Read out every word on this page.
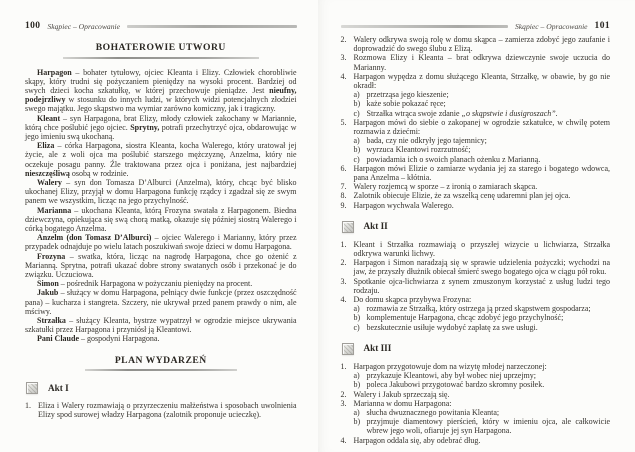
100 Skąpiec – Opracowanie
BOHATEROWIE UTWORU

Harpagon – bohater tytułowy, ojciec Kleanta i Elizy. Człowiek chorobliwie skąpy, który trudni się pożyczaniem pieniędzy na wysoki procent. Bardziej od swych dzieci kocha szkatułkę, w której przechowuje pieniądze. Jest nieufny, podejrzliwy w stosunku do innych ludzi, w których widzi potencjalnych złodziei swego majątku. Jego skąpstwo ma wymiar zarówno komiczny, jak i tragiczny.

Kleant – syn Harpagona, brat Elizy, młody człowiek zakochany w Mariannie, którą chce poślubić jego ojciec. Sprytny, potrafi przechytrzyć ojca, obdarowując w jego imieniu swą ukochaną.

Eliza – córka Harpagona, siostra Kleanta, kocha Walerego, który uratował jej życie, ale z woli ojca ma poślubić starszego mężczyznę, Anzelma, który nie oczekuje posagu panny. Źle traktowana przez ojca i poniżana, jest najbardziej nieszczęśliwą osobą w rodzinie.

Walery – syn don Tomasza D’Alburci (Anzelma), który, chcąc być blisko ukochanej Elizy, przyjął w domu Harpagona funkcję rządcy i zgadzał się ze swym panem we wszystkim, licząc na jego przychylność.

Marianna – ukochana Kleanta, którą Frozyna swatała z Harpagonem. Biedna dziewczyna, opiekująca się swą chorą matką, okazuje się później siostrą Walerego i córką bogatego Anzelma.

Anzelm (don Tomasz D’Alburci) – ojciec Walerego i Marianny, który przez przypadek odnajduje po wielu latach poszukiwań swoje dzieci w domu Harpagona.

Frozyna – swatka, która, licząc na nagrodę Harpagona, chce go ożenić z Marianną. Sprytna, potrafi ukazać dobre strony swatanych osób i przekonać je do związku. Uczuciowa.

Simon – pośrednik Harpagona w pożyczaniu pieniędzy na procent.

Jakub – służący w domu Harpagona, pełniący dwie funkcje (przez oszczędność pana) – kucharza i stangreta. Szczery, nie ukrywał przed panem prawdy o nim, ale mściwy.

Strzałka – służący Kleanta, bystrze wypatrzył w ogrodzie miejsce ukrywania szkatułki przez Harpagona i przyniósł ją Kleantowi.

Pani Claude – gospodyni Harpagona.

PLAN WYDARZEŃ
Akt I
1. Eliza i Walery rozmawiają o przyrzeczeniu małżeństwa i sposobach uwolnienia Elizy spod surowej władzy Harpagona (zalotnik proponuje ucieczkę).
Skąpiec – Opracowanie 101
2. Walery odkrywa swoją rolę w domu skąpca – zamierza zdobyć jego zaufanie i doprowadzić do swego ślubu z Elizą.
3. Rozmowa Elizy i Kleanta – brat odkrywa dziewczynie swoje uczucia do Marianny.
4. Harpagon wypędza z domu służącego Kleanta, Strzałkę, w obawie, by go nie okradł:
a) przetrząsa jego kieszenie;
b) każe sobie pokazać ręce;
c) Strzałka wtrąca swoje zdanie „o skąpstwie i dusigroszach”.
5. Harpagon mówi do siebie o zakopanej w ogrodzie szkatułce, w chwilę potem rozmawia z dziećmi:
a) bada, czy nie odkryły jego tajemnicy;
b) wyrzuca Kleantowi rozrzutność;
c) powiadamia ich o swoich planach ożenku z Marianną.
6. Harpagon mówi Elizie o zamiarze wydania jej za starego i bogatego wdowca, pana Anzelma – kłótnia.
7. Walery rozjemcą w sporze – z ironią o zamiarach skąpca.
8. Zalotnik obiecuje Elizie, że za wszelką cenę udaremni plan jej ojca.
9. Harpagon wychwala Walerego.
Akt II
1. Kleant i Strzałka rozmawiają o przyszłej wizycie u lichwiarza, Strzałka odkrywa warunki lichwy.
2. Harpagon i Simon naradzają się w sprawie udzielenia pożyczki; wychodzi na jaw, że przyszły dłużnik obiecał śmierć swego bogatego ojca w ciągu pół roku.
3. Spotkanie ojca-lichwiarza z synem zmuszonym korzystać z usług ludzi tego rodzaju.
4. Do domu skąpca przybywa Frozyna:
a) rozmawia ze Strzałką, który ostrzega ją przed skąpstwem gospodarza;
b) komplementuje Harpagona, chcąc zdobyć jego przychylność;
c) bezskutecznie usiłuje wydobyć zapłatę za swe usługi.
Akt III
1. Harpagon przygotowuje dom na wizytę młodej narzeczonej:
a) przykazuje Kleantowi, aby był wobec niej uprzejmy;
b) poleca Jakubowi przygotować bardzo skromny posiłek.
2. Walery i Jakub sprzeczają się.
3. Marianna w domu Harpagona:
a) słucha dwuznacznego powitania Kleanta;
b) przyjmuje diamentowy pierścień, który w imieniu ojca, ale całkowicie wbrew jego woli, ofiaruje jej syn Harpagona.
4. Harpagon oddala się, aby odebrać dług.
